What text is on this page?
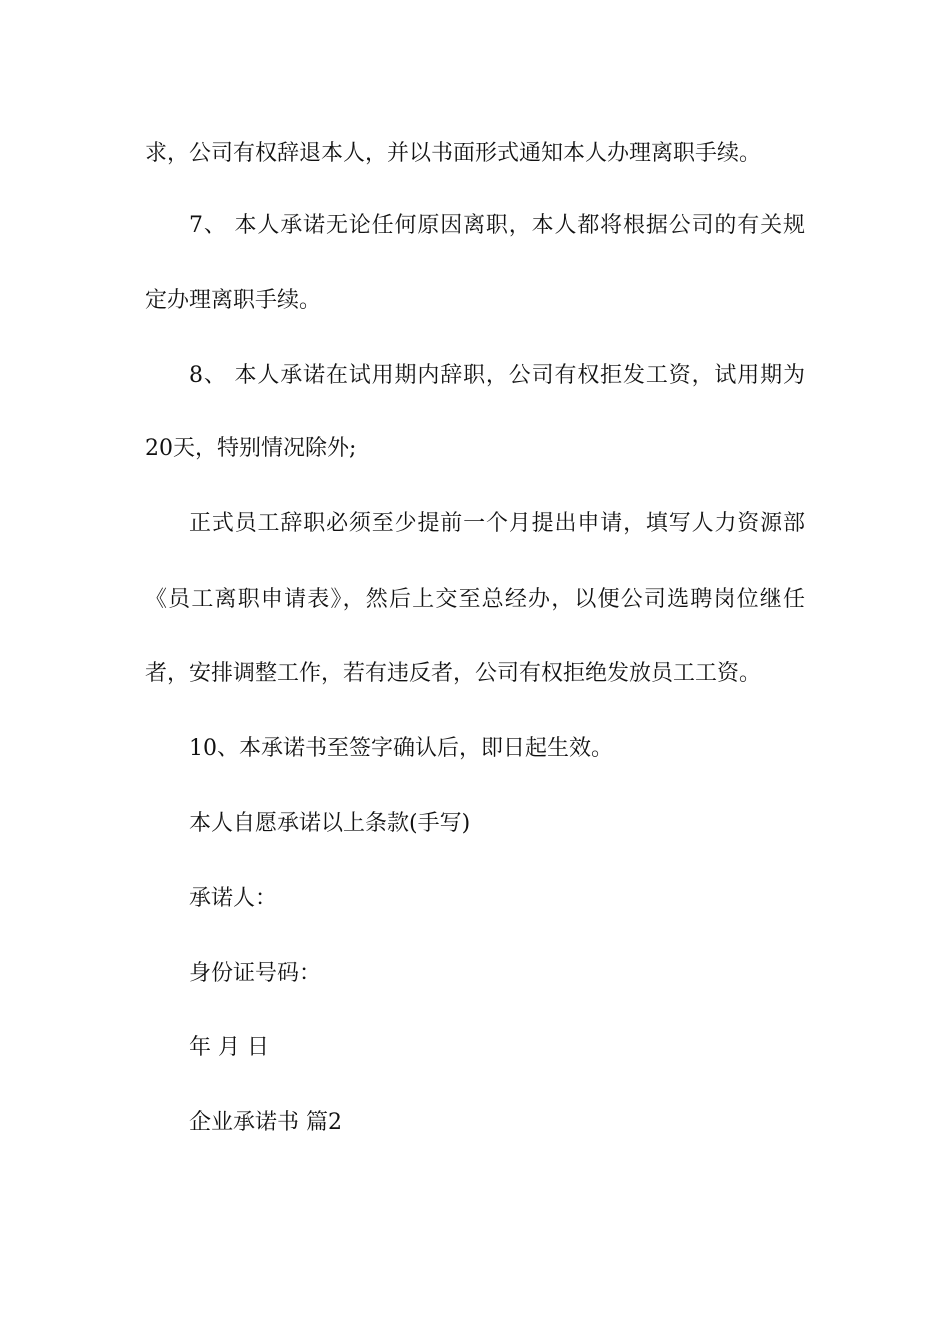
求，公司有权辞退本人，并以书面形式通知本人办理离职手续。
7、 本人承诺无论任何原因离职，本人都将根据公司的有关规
定办理离职手续。
8、 本人承诺在试用期内辞职，公司有权拒发工资，试用期为
20天，特别情况除外;
正式员工辞职必须至少提前一个月提出申请，填写人力资源部
《员工离职申请表》，然后上交至总经办，以便公司选聘岗位继任
者，安排调整工作，若有违反者，公司有权拒绝发放员工工资。
10、本承诺书至签字确认后，即日起生效。
本人自愿承诺以上条款(手写)
承诺人：
身份证号码：
年 月 日
企业承诺书 篇2
